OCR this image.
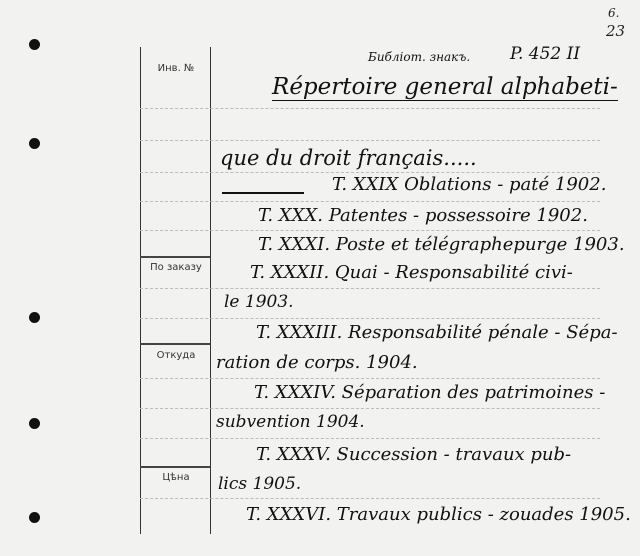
Инв. №
По заказу
Откуда
Цѣна
6.
23
Библіот. знакъ. P. 452 II
Répertoire general alphabeti-
que du droit français.....
T. XXIX Oblations - paté 1902.
T. XXX. Patentes - possessoire 1902.
T. XXXI. Poste et télégraphepurge 1903.
T. XXXII. Quai - Responsabilité civi-
le 1903.
T. XXXIII. Responsabilité pénale - Sépa-
ration de corps. 1904.
T. XXXIV. Séparation des patrimoines -
subvention 1904.
T. XXXV. Succession - travaux pub-
lics 1905.
T. XXXVI. Travaux publics - zouades 1905.
